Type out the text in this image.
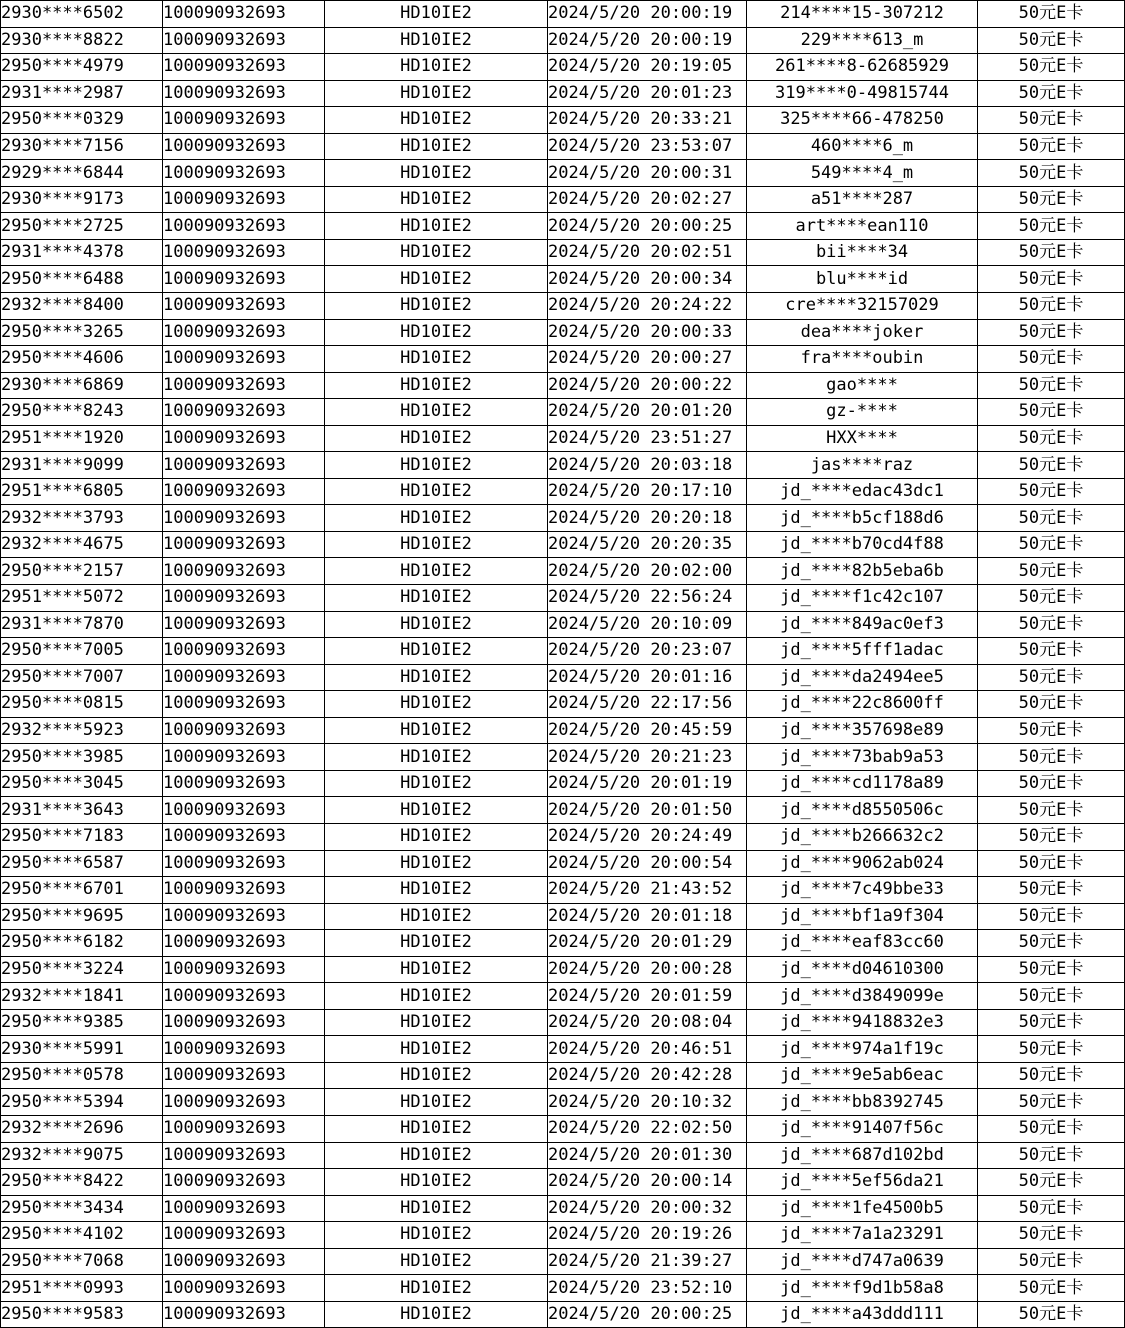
2930****6502	100090932693	HD10IE2	2024/5/20 20:00:19	214****15-307212	50元E卡
2930****8822	100090932693	HD10IE2	2024/5/20 20:00:19	229****613_m	50元E卡
2950****4979	100090932693	HD10IE2	2024/5/20 20:19:05	261****8-62685929	50元E卡
2931****2987	100090932693	HD10IE2	2024/5/20 20:01:23	319****0-49815744	50元E卡
2950****0329	100090932693	HD10IE2	2024/5/20 20:33:21	325****66-478250	50元E卡
2930****7156	100090932693	HD10IE2	2024/5/20 23:53:07	460****6_m	50元E卡
2929****6844	100090932693	HD10IE2	2024/5/20 20:00:31	549****4_m	50元E卡
2930****9173	100090932693	HD10IE2	2024/5/20 20:02:27	a51****287	50元E卡
2950****2725	100090932693	HD10IE2	2024/5/20 20:00:25	art****ean110	50元E卡
2931****4378	100090932693	HD10IE2	2024/5/20 20:02:51	bii****34	50元E卡
2950****6488	100090932693	HD10IE2	2024/5/20 20:00:34	blu****id	50元E卡
2932****8400	100090932693	HD10IE2	2024/5/20 20:24:22	cre****32157029	50元E卡
2950****3265	100090932693	HD10IE2	2024/5/20 20:00:33	dea****joker	50元E卡
2950****4606	100090932693	HD10IE2	2024/5/20 20:00:27	fra****oubin	50元E卡
2930****6869	100090932693	HD10IE2	2024/5/20 20:00:22	gao****	50元E卡
2950****8243	100090932693	HD10IE2	2024/5/20 20:01:20	gz-****	50元E卡
2951****1920	100090932693	HD10IE2	2024/5/20 23:51:27	HXX****	50元E卡
2931****9099	100090932693	HD10IE2	2024/5/20 20:03:18	jas****raz	50元E卡
2951****6805	100090932693	HD10IE2	2024/5/20 20:17:10	jd_****edac43dc1	50元E卡
2932****3793	100090932693	HD10IE2	2024/5/20 20:20:18	jd_****b5cf188d6	50元E卡
2932****4675	100090932693	HD10IE2	2024/5/20 20:20:35	jd_****b70cd4f88	50元E卡
2950****2157	100090932693	HD10IE2	2024/5/20 20:02:00	jd_****82b5eba6b	50元E卡
2951****5072	100090932693	HD10IE2	2024/5/20 22:56:24	jd_****f1c42c107	50元E卡
2931****7870	100090932693	HD10IE2	2024/5/20 20:10:09	jd_****849ac0ef3	50元E卡
2950****7005	100090932693	HD10IE2	2024/5/20 20:23:07	jd_****5fff1adac	50元E卡
2950****7007	100090932693	HD10IE2	2024/5/20 20:01:16	jd_****da2494ee5	50元E卡
2950****0815	100090932693	HD10IE2	2024/5/20 22:17:56	jd_****22c8600ff	50元E卡
2932****5923	100090932693	HD10IE2	2024/5/20 20:45:59	jd_****357698e89	50元E卡
2950****3985	100090932693	HD10IE2	2024/5/20 20:21:23	jd_****73bab9a53	50元E卡
2950****3045	100090932693	HD10IE2	2024/5/20 20:01:19	jd_****cd1178a89	50元E卡
2931****3643	100090932693	HD10IE2	2024/5/20 20:01:50	jd_****d8550506c	50元E卡
2950****7183	100090932693	HD10IE2	2024/5/20 20:24:49	jd_****b266632c2	50元E卡
2950****6587	100090932693	HD10IE2	2024/5/20 20:00:54	jd_****9062ab024	50元E卡
2950****6701	100090932693	HD10IE2	2024/5/20 21:43:52	jd_****7c49bbe33	50元E卡
2950****9695	100090932693	HD10IE2	2024/5/20 20:01:18	jd_****bf1a9f304	50元E卡
2950****6182	100090932693	HD10IE2	2024/5/20 20:01:29	jd_****eaf83cc60	50元E卡
2950****3224	100090932693	HD10IE2	2024/5/20 20:00:28	jd_****d04610300	50元E卡
2932****1841	100090932693	HD10IE2	2024/5/20 20:01:59	jd_****d3849099e	50元E卡
2950****9385	100090932693	HD10IE2	2024/5/20 20:08:04	jd_****9418832e3	50元E卡
2930****5991	100090932693	HD10IE2	2024/5/20 20:46:51	jd_****974a1f19c	50元E卡
2950****0578	100090932693	HD10IE2	2024/5/20 20:42:28	jd_****9e5ab6eac	50元E卡
2950****5394	100090932693	HD10IE2	2024/5/20 20:10:32	jd_****bb8392745	50元E卡
2932****2696	100090932693	HD10IE2	2024/5/20 22:02:50	jd_****91407f56c	50元E卡
2932****9075	100090932693	HD10IE2	2024/5/20 20:01:30	jd_****687d102bd	50元E卡
2950****8422	100090932693	HD10IE2	2024/5/20 20:00:14	jd_****5ef56da21	50元E卡
2950****3434	100090932693	HD10IE2	2024/5/20 20:00:32	jd_****1fe4500b5	50元E卡
2950****4102	100090932693	HD10IE2	2024/5/20 20:19:26	jd_****7a1a23291	50元E卡
2950****7068	100090932693	HD10IE2	2024/5/20 21:39:27	jd_****d747a0639	50元E卡
2951****0993	100090932693	HD10IE2	2024/5/20 23:52:10	jd_****f9d1b58a8	50元E卡
2950****9583	100090932693	HD10IE2	2024/5/20 20:00:25	jd_****a43ddd111	50元E卡
